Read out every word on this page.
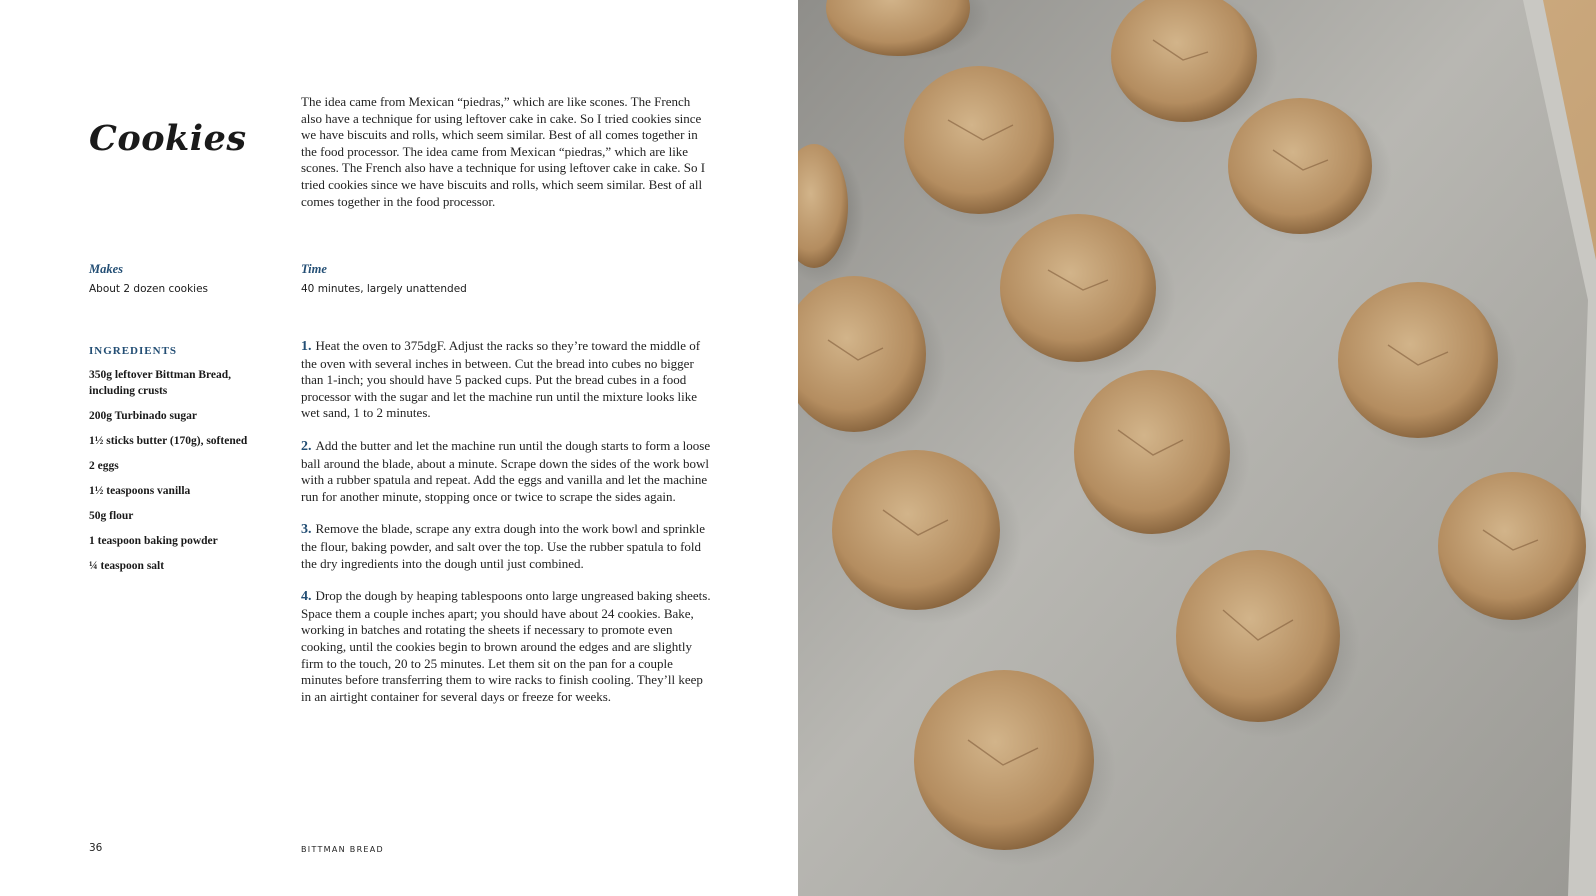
Cookies

The idea came from Mexican “piedras,” which are like scones. The French also have a technique for using leftover cake in cake. So I tried cookies since we have biscuits and rolls, which seem similar. Best of all comes together in the food processor. The idea came from Mexican “piedras,” which are like scones. The French also have a technique for using leftover cake in cake. So I tried cookies since we have biscuits and rolls, which seem similar. Best of all comes together in the food processor.

Makes

About 2 dozen cookies

Time

40 minutes, largely unattended

INGREDIENTS

350g leftover Bittman Bread, including crusts
200g Turbinado sugar
1½ sticks butter (170g), softened
2 eggs
1½ teaspoons vanilla
50g flour
1 teaspoon baking powder
¼ teaspoon salt

1. Heat the oven to 375dgF. Adjust the racks so they’re toward the middle of the oven with several inches in between. Cut the bread into cubes no bigger than 1-inch; you should have 5 packed cups. Put the bread cubes in a food processor with the sugar and let the machine run until the mixture looks like wet sand, 1 to 2 minutes.

2. Add the butter and let the machine run until the dough starts to form a loose ball around the blade, about a minute. Scrape down the sides of the work bowl with a rubber spatula and repeat. Add the eggs and vanilla and let the machine run for another minute, stopping once or twice to scrape the sides again.

3. Remove the blade, scrape any extra dough into the work bowl and sprinkle the flour, baking powder, and salt over the top. Use the rubber spatula to fold the dry ingredients into the dough until just combined.

4. Drop the dough by heaping tablespoons onto large ungreased baking sheets. Space them a couple inches apart; you should have about 24 cookies. Bake, working in batches and rotating the sheets if necessary to promote even cooking, until the cookies begin to brown around the edges and are slightly firm to the touch, 20 to 25 minutes. Let them sit on the pan for a couple minutes before transferring them to wire racks to finish cooling. They’ll keep in an airtight container for several days or freeze for weeks.

36	BITTMAN BREAD
